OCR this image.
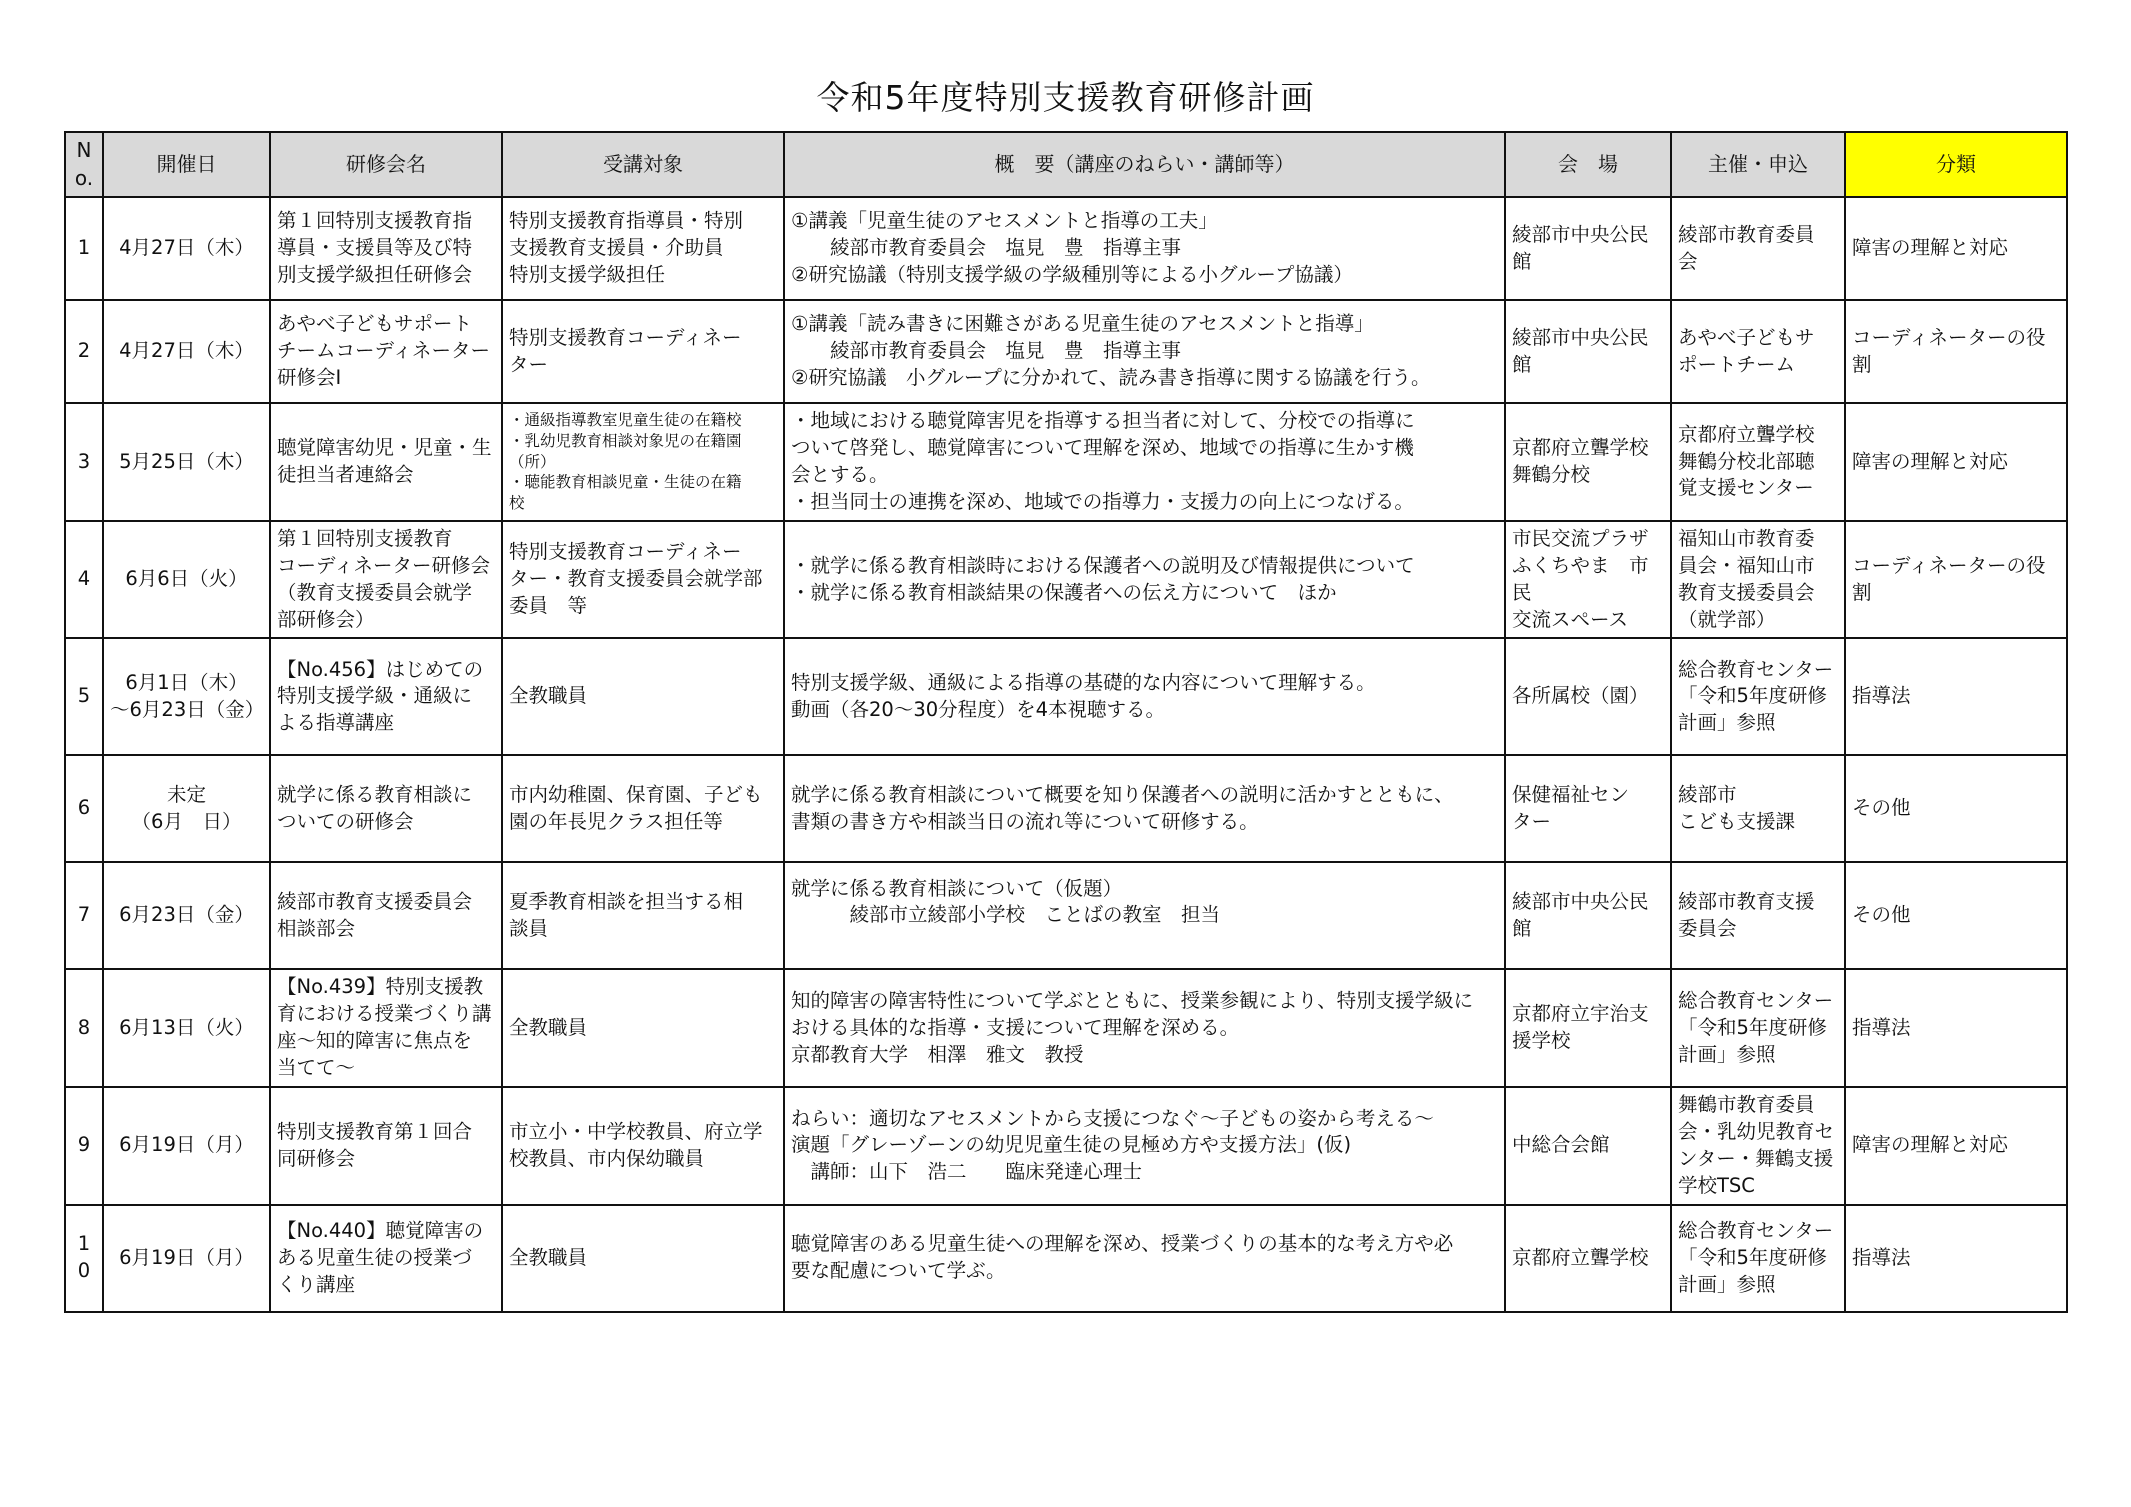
令和5年度特別支援教育研修計画
No.	開催日	研修会名	受講対象	概　要（講座のねらい・講師等）	会　場	主催・申込	分類
1	4月27日（木）	第１回特別支援教育指
導員・支援員等及び特
別支援学級担任研修会	特別支援教育指導員・特別
支援教育支援員・介助員
特別支援学級担任	①講義「児童生徒のアセスメントと指導の工夫」
　　綾部市教育委員会　塩見　豊　指導主事
②研究協議（特別支援学級の学級種別等による小グループ協議）	綾部市中央公民
館	綾部市教育委員
会	障害の理解と対応

2	4月27日（木）	あやべ子どもサポート
チームコーディネーター
研修会Ⅰ	特別支援教育コーディネー
ター	①講義「読み書きに困難さがある児童生徒のアセスメントと指導」
　　綾部市教育委員会　塩見　豊　指導主事
②研究協議　小グループに分かれて、読み書き指導に関する協議を行う。	綾部市中央公民
館	あやべ子どもサ
ポートチーム	コーディネーターの役
割

3	5月25日（木）	聴覚障害幼児・児童・生
徒担当者連絡会	・通級指導教室児童生徒の在籍校
・乳幼児教育相談対象児の在籍園
（所）
・聴能教育相談児童・生徒の在籍
校	・地域における聴覚障害児を指導する担当者に対して、分校での指導に
ついて啓発し、聴覚障害について理解を深め、地域での指導に生かす機
会とする。
・担当同士の連携を深め、地域での指導力・支援力の向上につなげる。	京都府立聾学校
舞鶴分校	京都府立聾学校
舞鶴分校北部聴
覚支援センター	障害の理解と対応

4	6月6日（火）	第１回特別支援教育
コーディネーター研修会
（教育支援委員会就学
部研修会）	特別支援教育コーディネー
ター・教育支援委員会就学部
委員　等	・就学に係る教育相談時における保護者への説明及び情報提供について
・就学に係る教育相談結果の保護者への伝え方について　ほか	市民交流プラザ
ふくちやま　市民
交流スペース	福知山市教育委
員会・福知山市
教育支援委員会
（就学部）	コーディネーターの役
割

5	6月1日（木）
～6月23日（金）	【No.456】はじめての
特別支援学級・通級に
よる指導講座	全教職員	特別支援学級、通級による指導の基礎的な内容について理解する。
動画（各20～30分程度）を4本視聴する。	各所属校（園）	総合教育センター
「令和5年度研修
計画」参照	指導法

6	未定
（6月　日）	就学に係る教育相談に
ついての研修会	市内幼稚園、保育園、子ども
園の年長児クラス担任等	就学に係る教育相談について概要を知り保護者への説明に活かすとともに、
書類の書き方や相談当日の流れ等について研修する。	保健福祉セン
ター	綾部市
こども支援課	その他

7	6月23日（金）	綾部市教育支援委員会
相談部会	夏季教育相談を担当する相
談員	就学に係る教育相談について（仮題）
　　　綾部市立綾部小学校　ことばの教室　担当	綾部市中央公民
館	綾部市教育支援
委員会	その他

8	6月13日（火）	【No.439】特別支援教
育における授業づくり講
座～知的障害に焦点を
当てて～	全教職員	知的障害の障害特性について学ぶとともに、授業参観により、特別支援学級に
おける具体的な指導・支援について理解を深める。
京都教育大学　相澤　雅文　教授	京都府立宇治支
援学校	総合教育センター
「令和5年度研修
計画」参照	指導法

9	6月19日（月）	特別支援教育第１回合
同研修会	市立小・中学校教員、府立学
校教員、市内保幼職員	ねらい：適切なアセスメントから支援につなぐ～子どもの姿から考える～
演題「グレーゾーンの幼児児童生徒の見極め方や支援方法」(仮)
　講師：山下　浩二　　臨床発達心理士	中総合会館	舞鶴市教育委員
会・乳幼児教育セ
ンター・舞鶴支援
学校TSC	障害の理解と対応

10	6月19日（月）	【No.440】聴覚障害の
ある児童生徒の授業づ
くり講座	全教職員	聴覚障害のある児童生徒への理解を深め、授業づくりの基本的な考え方や必
要な配慮について学ぶ。	京都府立聾学校	総合教育センター
「令和5年度研修
計画」参照	指導法
